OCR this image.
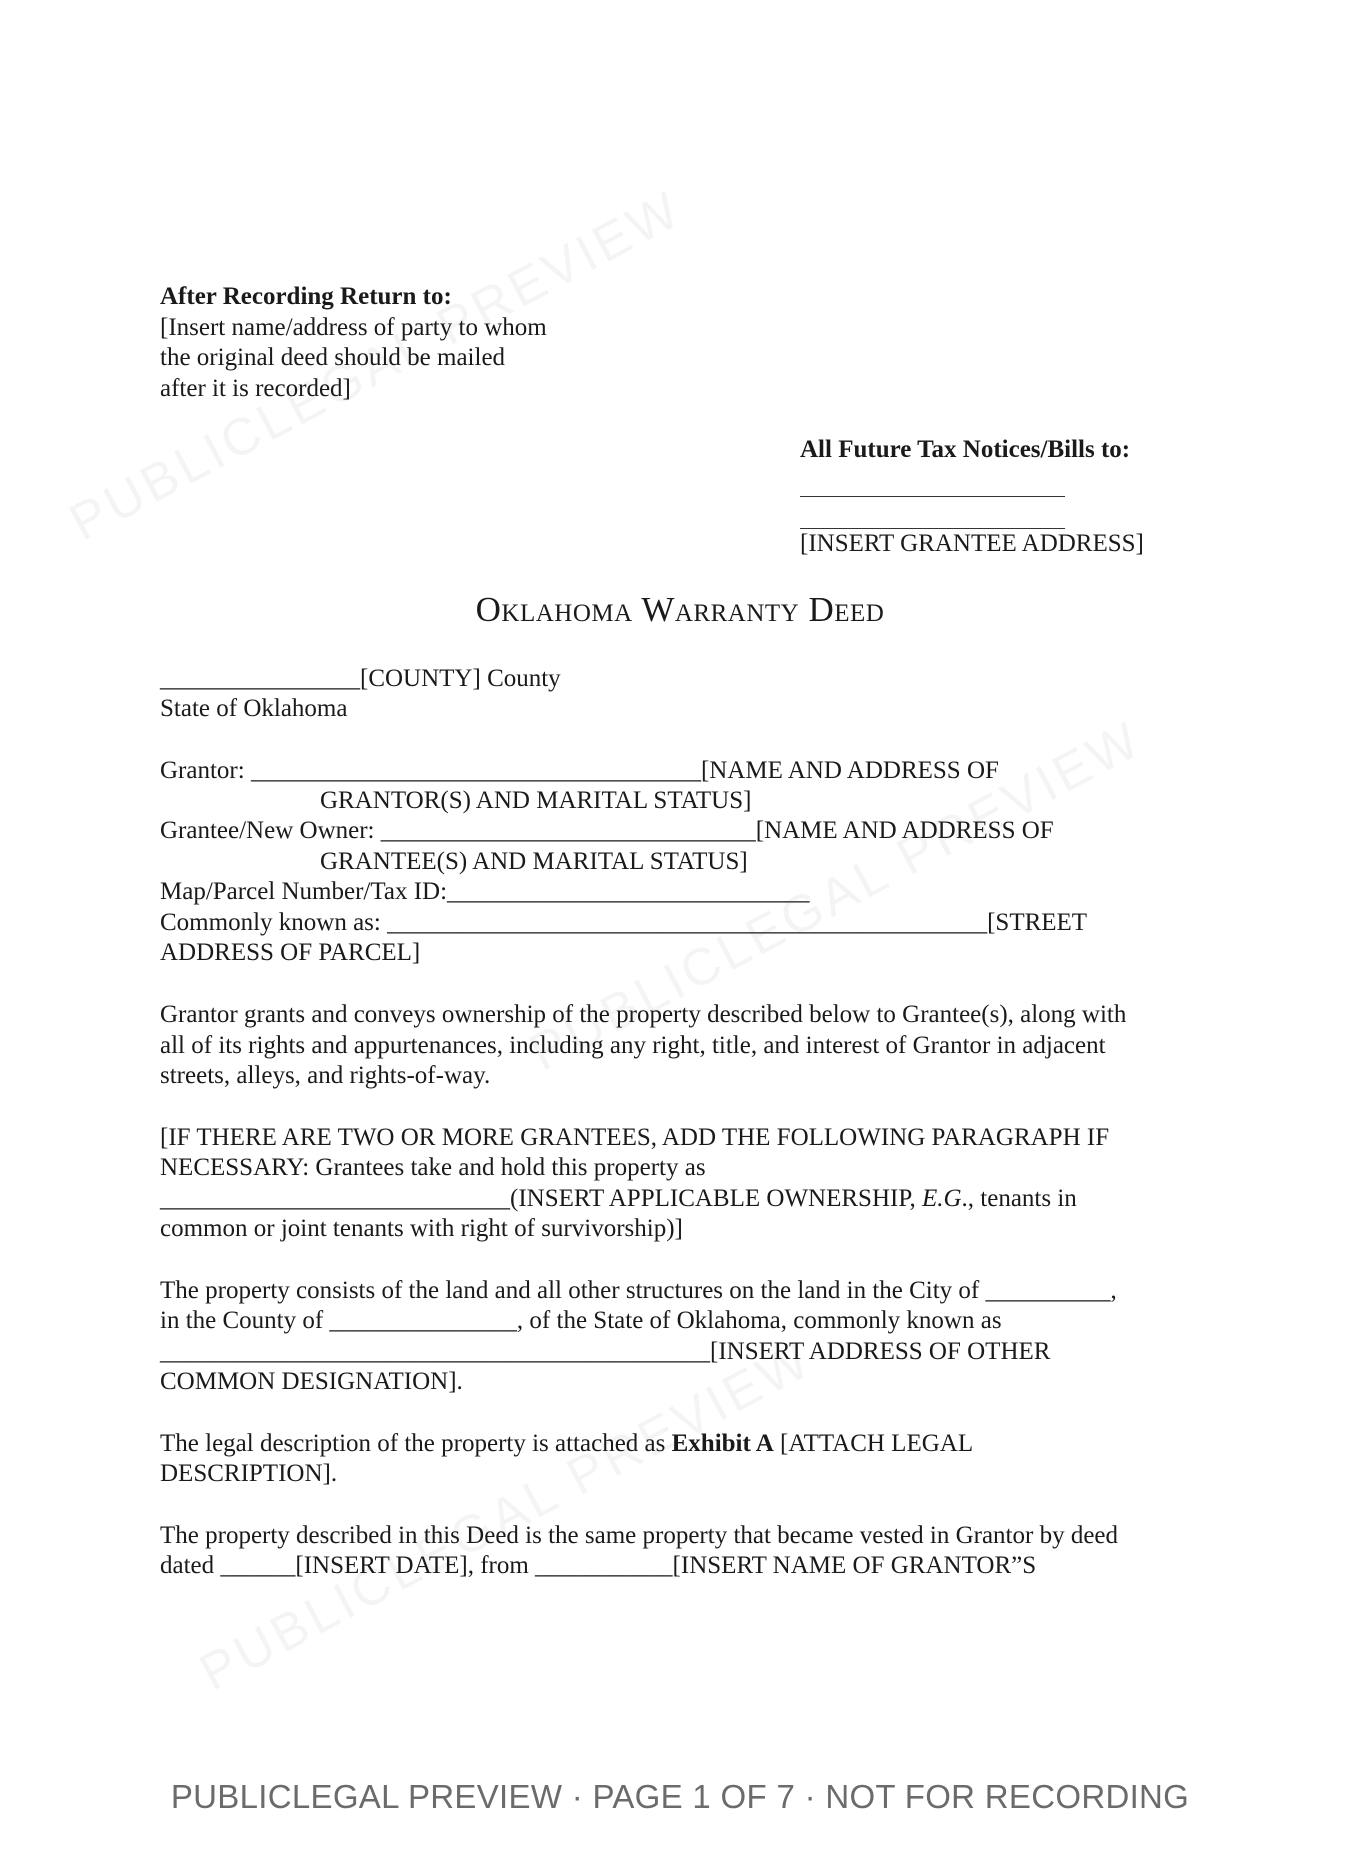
After Recording Return to:
[Insert name/address of party to whom
the original deed should be mailed
after it is recorded]
All Future Tax Notices/Bills to:
[INSERT GRANTEE ADDRESS]
Oklahoma Warranty Deed
________________[COUNTY] County
State of Oklahoma
Grantor: ____________________________________[NAME AND ADDRESS OF
GRANTOR(S) AND MARITAL STATUS]
Grantee/New Owner: ______________________________[NAME AND ADDRESS OF
GRANTEE(S) AND MARITAL STATUS]
Map/Parcel Number/Tax ID:_____________________________
Commonly known as: ________________________________________________[STREET
ADDRESS OF PARCEL]
Grantor grants and conveys ownership of the property described below to Grantee(s), along with
all of its rights and appurtenances, including any right, title, and interest of Grantor in adjacent
streets, alleys, and rights-of-way.
[IF THERE ARE TWO OR MORE GRANTEES, ADD THE FOLLOWING PARAGRAPH IF
NECESSARY: Grantees take and hold this property as
____________________________(INSERT APPLICABLE OWNERSHIP, E.G., tenants in
common or joint tenants with right of survivorship)]
The property consists of the land and all other structures on the land in the City of __________,
in the County of _______________, of the State of Oklahoma, commonly known as
____________________________________________[INSERT ADDRESS OF OTHER
COMMON DESIGNATION].
The legal description of the property is attached as Exhibit A [ATTACH LEGAL
DESCRIPTION].
The property described in this Deed is the same property that became vested in Grantor by deed
dated ______[INSERT DATE], from ___________[INSERT NAME OF GRANTOR”S
PUBLICLEGAL PREVIEW · PAGE 1 OF 7 · NOT FOR RECORDING
